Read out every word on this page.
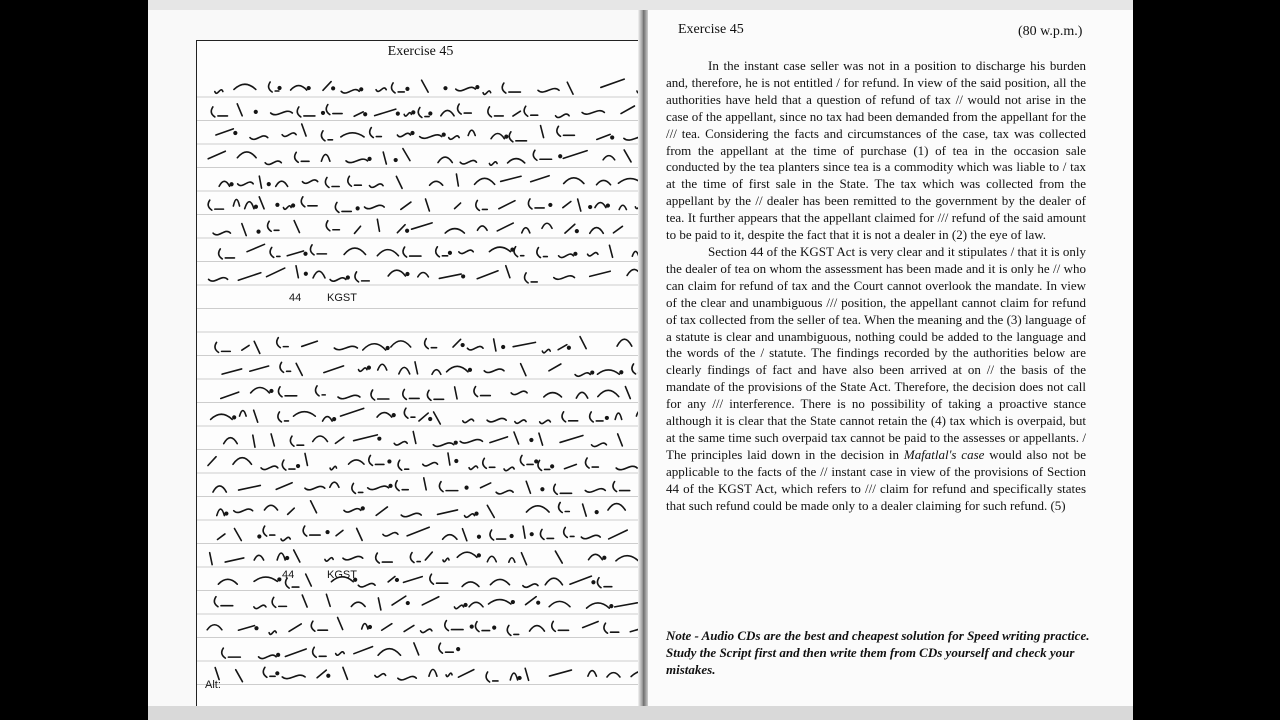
44 KGST
44	KGST
Alt:
Exercise 45
Exercise 45	(80 w.p.m.)

In the instant case seller was not in a position to discharge his burden and, therefore, he is not entitled / for refund. In view of the said position, all the authorities have held that a question of refund of tax // would not arise in the case of the appellant, since no tax had been demanded from the appellant for the /// tea. Considering the facts and circumstances of the case, tax was collected from the appellant at the time of purchase (1) of tea in the occasion sale conducted by the tea planters since tea is a commodity which was liable to / tax at the time of first sale in the State. The tax which was collected from the appellant by the // dealer has been remitted to the government by the dealer of tea. It further appears that the appellant claimed for /// refund of the said amount to be paid to it, despite the fact that it is not a dealer in (2) the eye of law.

Section 44 of the KGST Act is very clear and it stipulates / that it is only the dealer of tea on whom the assessment has been made and it is only he // who can claim for refund of tax and the Court cannot overlook the mandate. In view of the clear and unambiguous /// position, the appellant cannot claim for refund of tax collected from the seller of tea. When the meaning and the (3) language of a statute is clear and unambiguous, nothing could be added to the language and the words of the / statute. The findings recorded by the authorities below are clearly findings of fact and have also been arrived at on // the basis of the mandate of the provisions of the State Act. Therefore, the decision does not call for any /// interference. There is no possibility of taking a proactive stance although it is clear that the State cannot retain the (4) tax which is overpaid, but at the same time such overpaid tax cannot be paid to the assesses or appellants. / The principles laid down in the decision in Mafatlal's case would also not be applicable to the facts of the // instant case in view of the provisions of Section 44 of the KGST Act, which refers to /// claim for refund and specifically states that such refund could be made only to a dealer claiming for such refund. (5)

Note - Audio CDs are the best and cheapest solution for Speed writing practice. Study the Script first and then write them from CDs yourself and check your mistakes.
